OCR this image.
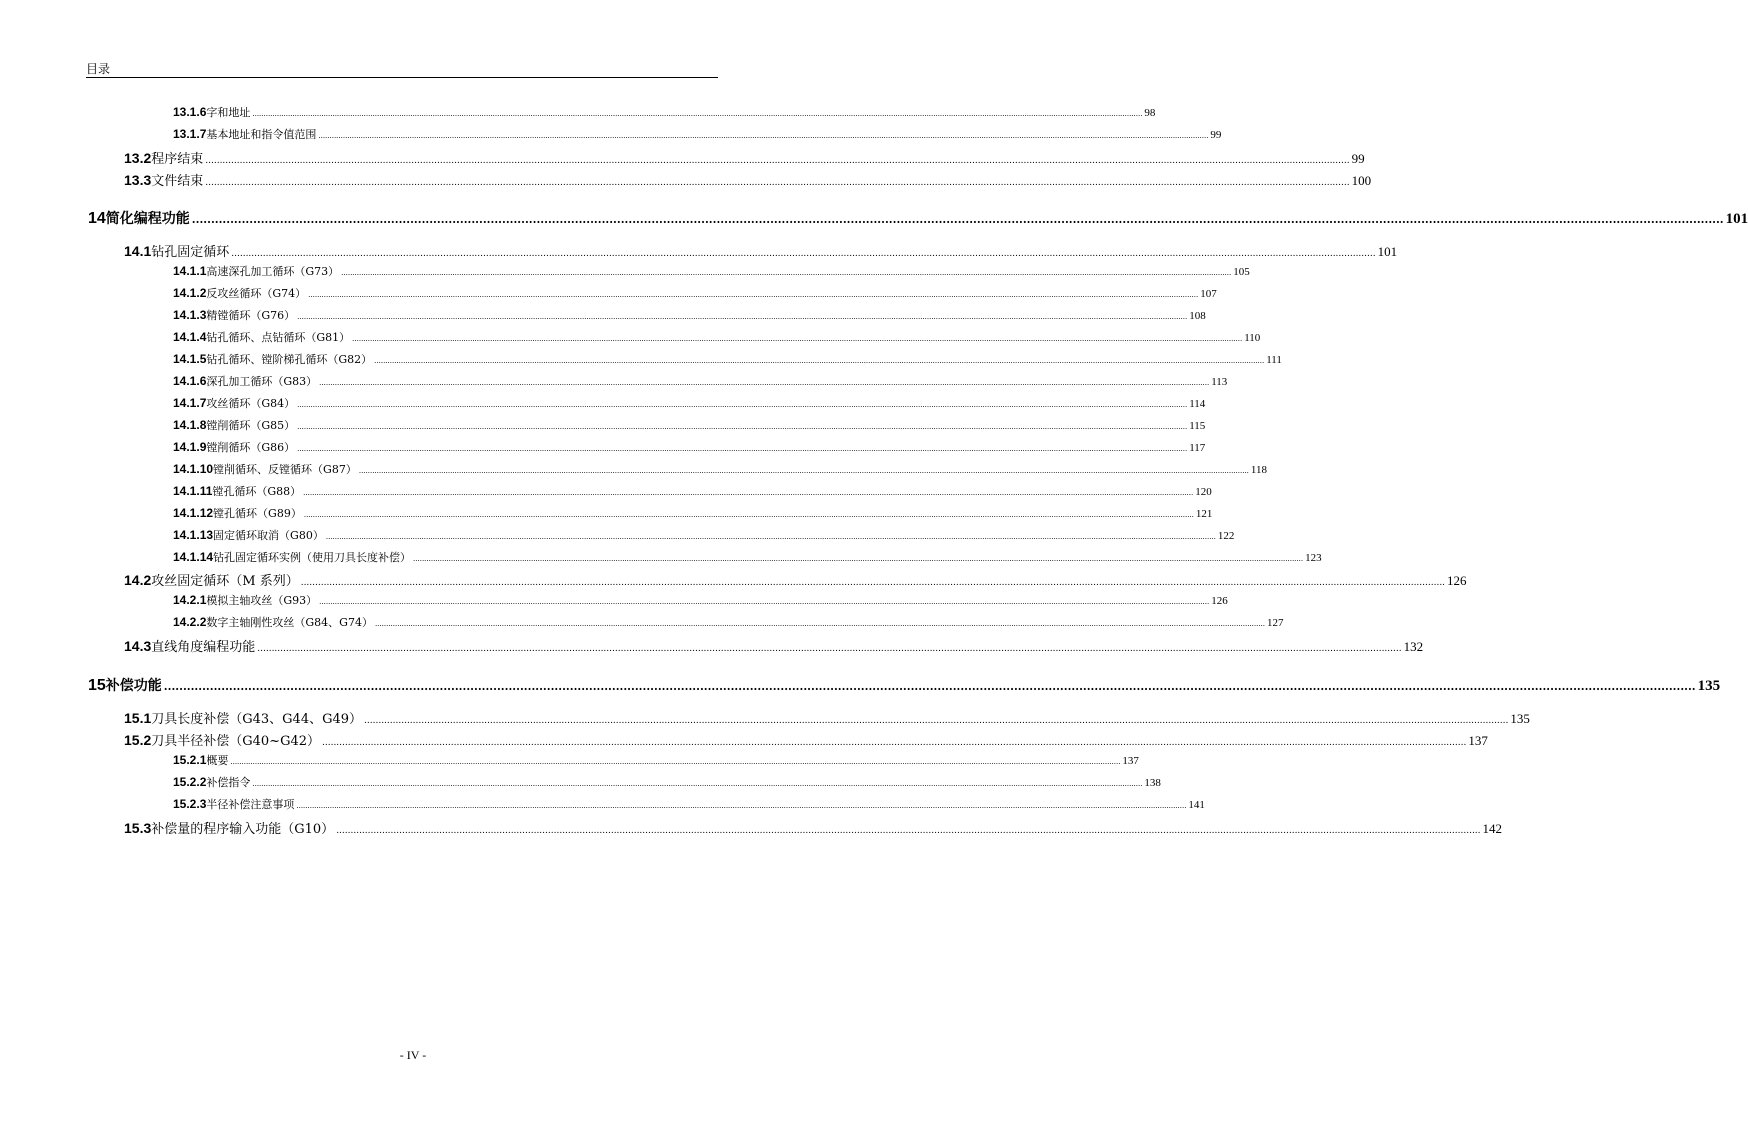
目录
13.1.6 字和地址 ................................................................................................................................................................................................................................................................................................................................................................................................................ 98
13.1.7 基本地址和指令值范围 ................................................................................................................................................................................................................................................................................................................................................................................................................ 99
13.2 程序结束 ................................................................................................................................................................................................................................................................................................................................................................................................................ 99
13.3 文件结束 ................................................................................................................................................................................................................................................................................................................................................................................................................ 100
14 简化编程功能 ................................................................................................................................................................................................................................................................................................................................................................................................................ 101
14.1 钻孔固定循环 ................................................................................................................................................................................................................................................................................................................................................................................................................ 101
14.1.1 高速深孔加工循环（G73） ................................................................................................................................................................................................................................................................................................................................................................................................................ 105
14.1.2 反攻丝循环（G74） ................................................................................................................................................................................................................................................................................................................................................................................................................ 107
14.1.3 精镗循环（G76） ................................................................................................................................................................................................................................................................................................................................................................................................................ 108
14.1.4 钻孔循环、点钻循环（G81） ................................................................................................................................................................................................................................................................................................................................................................................................................ 110
14.1.5 钻孔循环、镗阶梯孔循环（G82） ................................................................................................................................................................................................................................................................................................................................................................................................................ 111
14.1.6 深孔加工循环（G83） ................................................................................................................................................................................................................................................................................................................................................................................................................ 113
14.1.7 攻丝循环（G84） ................................................................................................................................................................................................................................................................................................................................................................................................................ 114
14.1.8 镗削循环（G85） ................................................................................................................................................................................................................................................................................................................................................................................................................ 115
14.1.9 镗削循环（G86） ................................................................................................................................................................................................................................................................................................................................................................................................................ 117
14.1.10 镗削循环、反镗循环（G87） ................................................................................................................................................................................................................................................................................................................................................................................................................ 118
14.1.11 镗孔循环（G88） ................................................................................................................................................................................................................................................................................................................................................................................................................ 120
14.1.12 镗孔循环（G89） ................................................................................................................................................................................................................................................................................................................................................................................................................ 121
14.1.13 固定循环取消（G80） ................................................................................................................................................................................................................................................................................................................................................................................................................ 122
14.1.14 钻孔固定循环实例（使用刀具长度补偿） ................................................................................................................................................................................................................................................................................................................................................................................................................ 123
14.2 攻丝固定循环（M 系列） ................................................................................................................................................................................................................................................................................................................................................................................................................ 126
14.2.1 模拟主轴攻丝（G93） ................................................................................................................................................................................................................................................................................................................................................................................................................ 126
14.2.2 数字主轴刚性攻丝（G84、G74） ................................................................................................................................................................................................................................................................................................................................................................................................................ 127
14.3 直线角度编程功能 ................................................................................................................................................................................................................................................................................................................................................................................................................ 132
15 补偿功能 ................................................................................................................................................................................................................................................................................................................................................................................................................ 135
15.1 刀具长度补偿（G43、G44、G49） ................................................................................................................................................................................................................................................................................................................................................................................................................ 135
15.2 刀具半径补偿（G40~G42） ................................................................................................................................................................................................................................................................................................................................................................................................................ 137
15.2.1 概要 ................................................................................................................................................................................................................................................................................................................................................................................................................ 137
15.2.2 补偿指令 ................................................................................................................................................................................................................................................................................................................................................................................................................ 138
15.2.3 半径补偿注意事项 ................................................................................................................................................................................................................................................................................................................................................................................................................ 141
15.3 补偿量的程序输入功能（G10） ................................................................................................................................................................................................................................................................................................................................................................................................................ 142
- IV -
